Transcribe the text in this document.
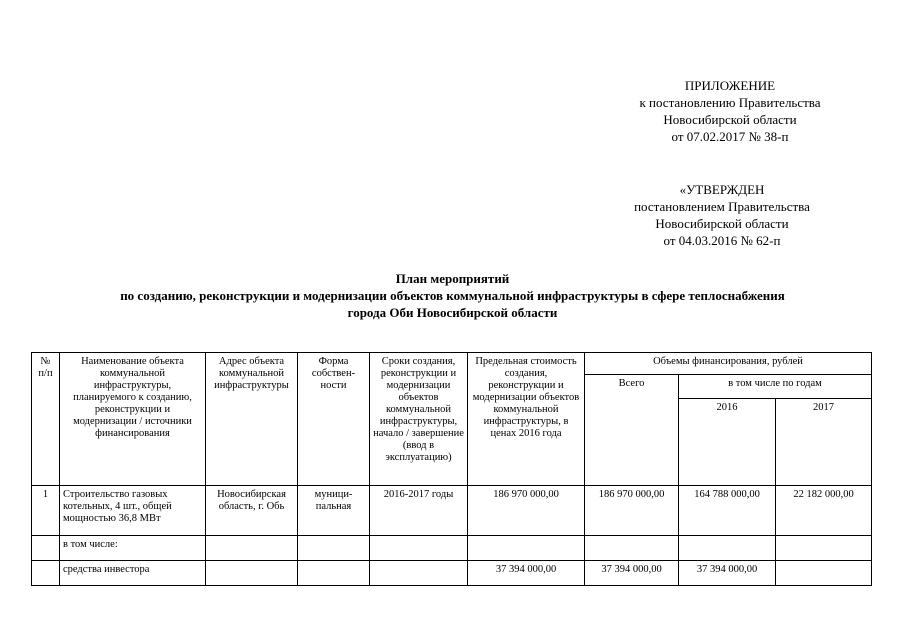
ПРИЛОЖЕНИЕ
к постановлению Правительства
Новосибирской области
от 07.02.2017 № 38-п
«УТВЕРЖДЕН
постановлением Правительства
Новосибирской области
от 04.03.2016 № 62-п
План мероприятий
по созданию, реконструкции и модернизации объектов коммунальной инфраструктуры в сфере теплоснабжения
города Оби Новосибирской области
№ п/п	Наименование объекта коммунальной инфраструктуры, планируемого к созданию, реконструкции и модернизации / источники финансирования	Адрес объекта коммунальной инфраструктуры	Форма собствен-ности	Сроки создания, реконструкции и модернизации объектов коммунальной инфраструктуры, начало / завершение (ввод в эксплуатацию)	Предельная стоимость создания, реконструкции и модернизации объектов коммунальной инфраструктуры, в ценах 2016 года	Объемы финансирования, рублей		
						Всего	в том числе по годам	
							2016	2017
1	Строительство газовых котельных, 4 шт., общей мощностью 36,8 МВт	Новосибирская область, г. Обь	муници-пальная	2016-2017 годы	186 970 000,00	186 970 000,00	164 788 000,00	22 182 000,00
	в том числе:							
	средства инвестора				37 394 000,00	37 394 000,00	37 394 000,00	
